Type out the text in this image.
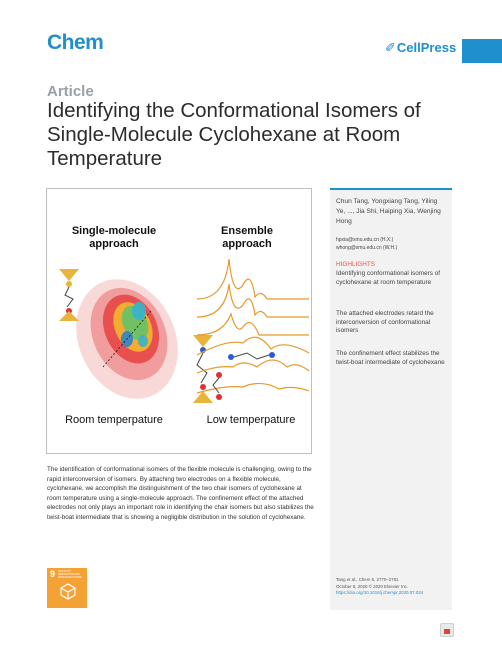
Chem	✐CellPress
Article
Identifying the Conformational Isomers of Single-Molecule Cyclohexane at Room Temperature
Single-molecule
approach
Ensemble
approach
Room temperpature	Low temperpature
The identification of conformational isomers of the flexible molecule is challenging, owing to the rapid interconversion of isomers. By attaching two electrodes on a flexible molecule, cyclohexane, we accomplish the distinguishment of the two chair isomers of cyclohexane at room temperature using a single-molecule approach. The confinement effect of the attached electrodes not only plays an important role in identifying the chair isomers but also stabilizes the twist-boat intermediate that is showing a negligible distribution in the solution of cyclohexane.
9 INDUSTRY, INNOVATION AND INFRASTRUCTURE
Chun Tang, Yongxiang Tang, Yiling Ye, ..., Jia Shi, Haiping Xia, Wenjing Hong
hpxia@xmu.edu.cn (H.X.)
whong@xmu.edu.cn (W.H.)
HIGHLIGHTS
Identifying conformational isomers of cyclohexane at room temperature
The attached electrodes retard the interconversion of conformational isomers
The confinement effect stabilizes the twist-boat intermediate of cyclohexane
Tang et al., Chem 6, 2770–2781
October 8, 2020 © 2020 Elsevier Inc.
https://doi.org/10.1016/j.chempr.2020.07.024
